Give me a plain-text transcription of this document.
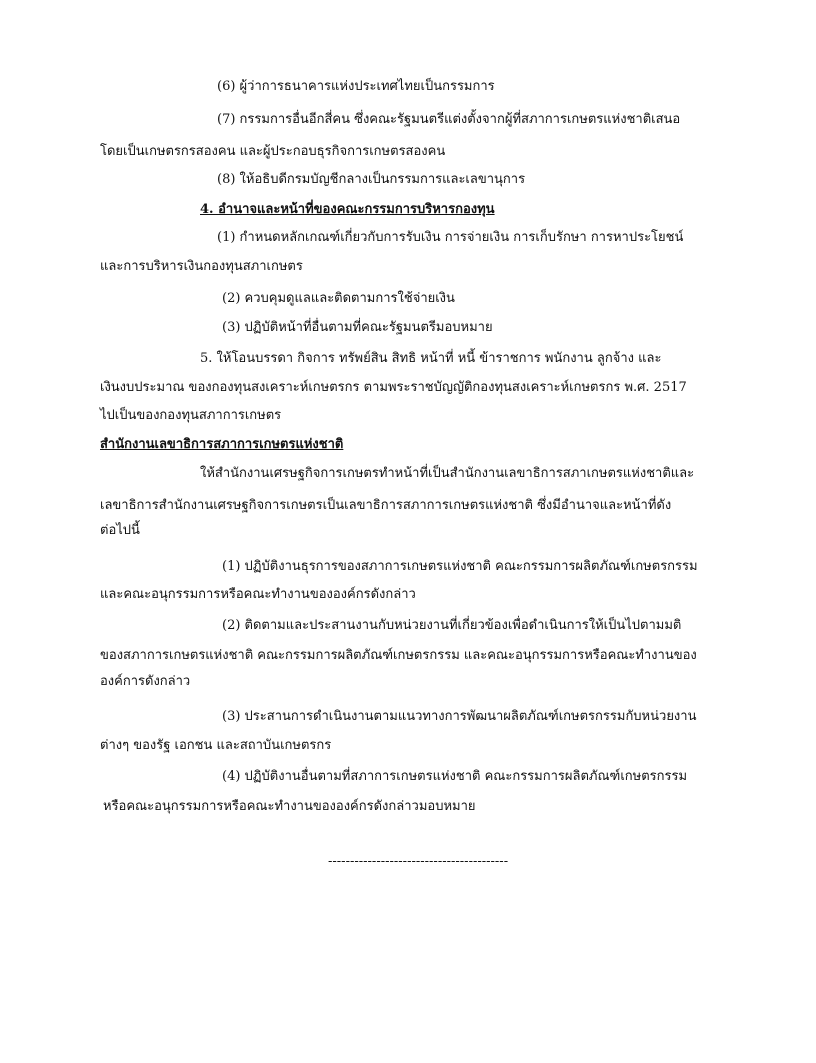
(6) ผู้ว่าการธนาคารแห่งประเทศไทยเป็นกรรมการ
(7) กรรมการอื่นอีกสี่คน ซึ่งคณะรัฐมนตรีแต่งตั้งจากผู้ที่สภาการเกษตรแห่งชาติเสนอ
โดยเป็นเกษตรกรสองคน และผู้ประกอบธุรกิจการเกษตรสองคน
(8) ให้อธิบดีกรมบัญชีกลางเป็นกรรมการและเลขานุการ
4. อำนาจและหน้าที่ของคณะกรรมการบริหารกองทุน
(1) กำหนดหลักเกณฑ์เกี่ยวกับการรับเงิน การจ่ายเงิน การเก็บรักษา การหาประโยชน์
และการบริหารเงินกองทุนสภาเกษตร
(2) ควบคุมดูแลและติดตามการใช้จ่ายเงิน
(3) ปฏิบัติหน้าที่อื่นตามที่คณะรัฐมนตรีมอบหมาย
5. ให้โอนบรรดา กิจการ ทรัพย์สิน สิทธิ หน้าที่ หนี้ ข้าราชการ พนักงาน ลูกจ้าง และ
เงินงบประมาณ ของกองทุนสงเคราะห์เกษตรกร ตามพระราชบัญญัติกองทุนสงเคราะห์เกษตรกร พ.ศ. 2517
ไปเป็นของกองทุนสภาการเกษตร
สำนักงานเลขาธิการสภาการเกษตรแห่งชาติ
ให้สำนักงานเศรษฐกิจการเกษตรทำหน้าที่เป็นสำนักงานเลขาธิการสภาเกษตรแห่งชาติและ
เลขาธิการสำนักงานเศรษฐกิจการเกษตรเป็นเลขาธิการสภาการเกษตรแห่งชาติ ซึ่งมีอำนาจและหน้าที่ดัง
ต่อไปนี้
(1) ปฏิบัติงานธุรการของสภาการเกษตรแห่งชาติ คณะกรรมการผลิตภัณฑ์เกษตรกรรม
และคณะอนุกรรมการหรือคณะทำงานขององค์กรดังกล่าว
(2) ติดตามและประสานงานกับหน่วยงานที่เกี่ยวข้องเพื่อดำเนินการให้เป็นไปตามมติ
ของสภาการเกษตรแห่งชาติ คณะกรรมการผลิตภัณฑ์เกษตรกรรม และคณะอนุกรรมการหรือคณะทำงานของ
องค์การดังกล่าว
(3) ประสานการดำเนินงานตามแนวทางการพัฒนาผลิตภัณฑ์เกษตรกรรมกับหน่วยงาน
ต่างๆ ของรัฐ เอกชน และสถาบันเกษตรกร
(4) ปฏิบัติงานอื่นตามที่สภาการเกษตรแห่งชาติ คณะกรรมการผลิตภัณฑ์เกษตรกรรม
หรือคณะอนุกรรมการหรือคณะทำงานขององค์กรดังกล่าวมอบหมาย
-----------------------------------------
